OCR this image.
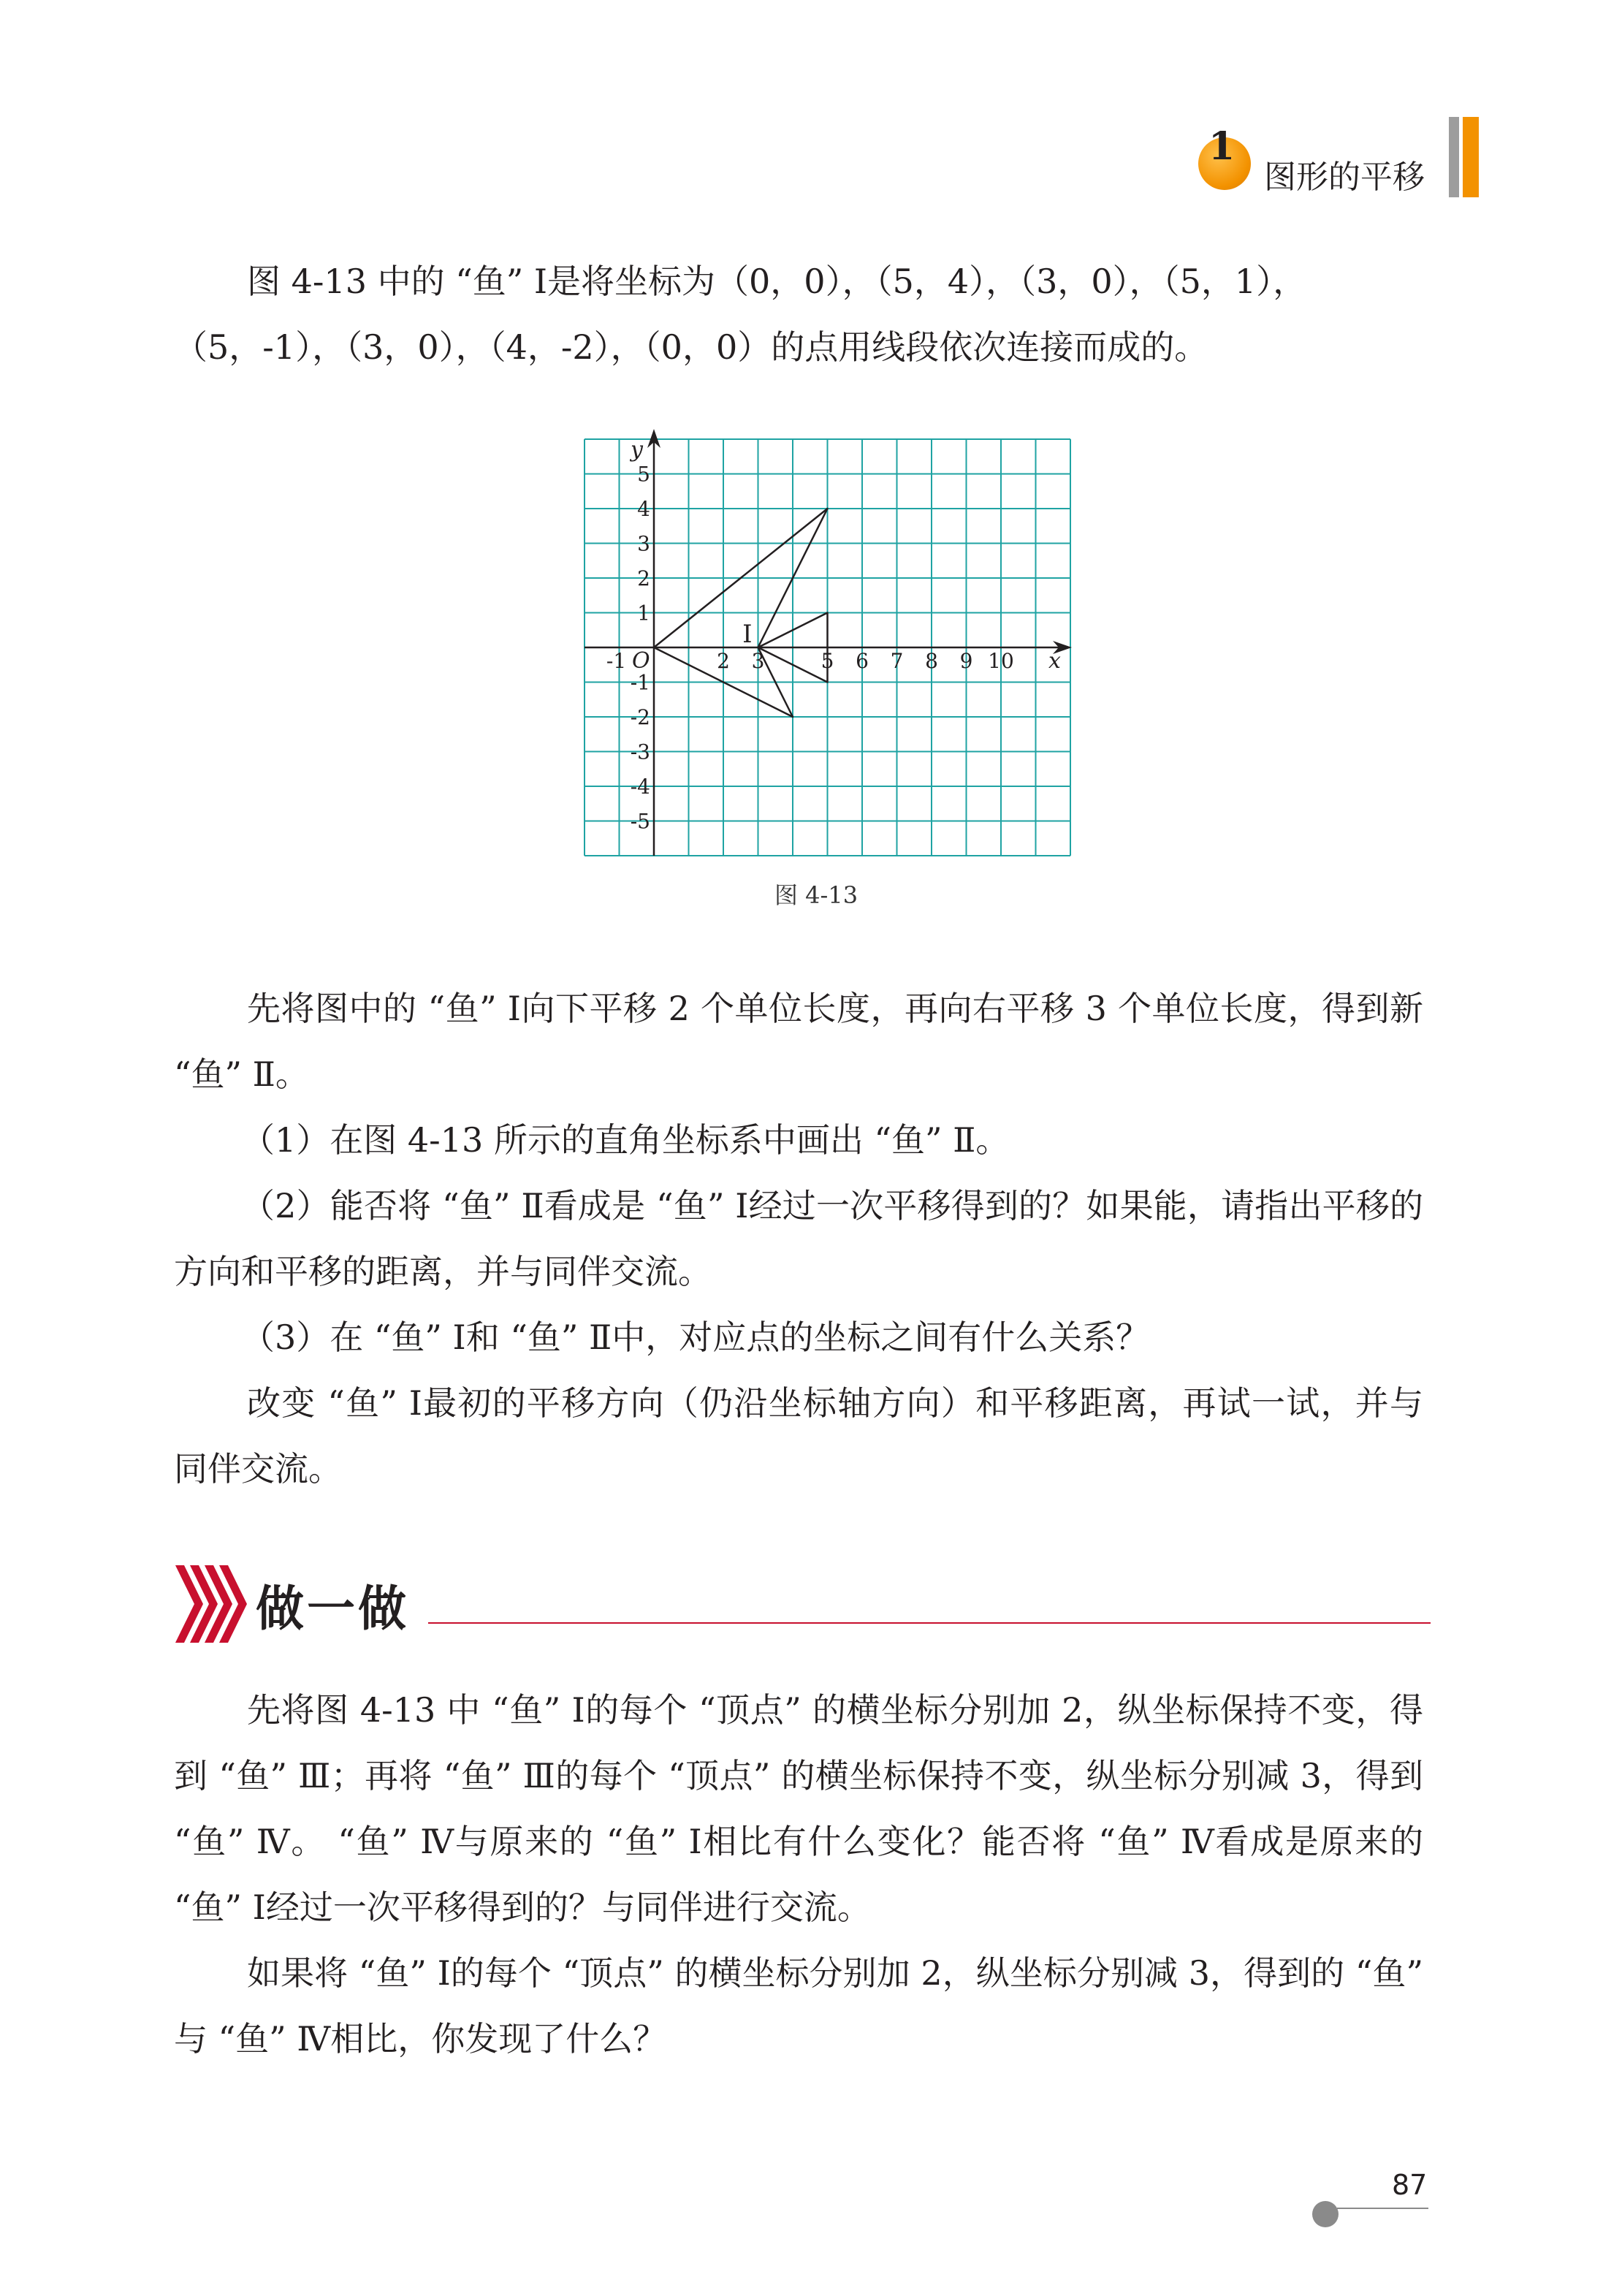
1
图形的平移
图 4-13 中的 “鱼” Ⅰ是将坐标为（0，0），（5，4），（3，0），（5，1），
（5，-1），（3，0），（4，-2），（0，0）的点用线段依次连接而成的。
-1	2 3	5 6 7 8 9 10
5
4
3
2
1
-1
-2
-3
-4
-5
Ⅰ
O	x
y
图 4-13

先将图中的 “鱼” Ⅰ向下平移 2 个单位长度，再向右平移 3 个单位长度，得到新 “鱼” Ⅱ。

（1）在图 4-13 所示的直角坐标系中画出 “鱼” Ⅱ。

（2）能否将 “鱼” Ⅱ看成是 “鱼” Ⅰ经过一次平移得到的？如果能，请指出平移的方向和平移的距离，并与同伴交流。

（3）在 “鱼” Ⅰ和 “鱼” Ⅱ中，对应点的坐标之间有什么关系？

改变 “鱼” Ⅰ最初的平移方向（仍沿坐标轴方向）和平移距离，再试一试，并与同伴交流。

做一做

先将图 4-13 中 “鱼” Ⅰ的每个 “顶点” 的横坐标分别加 2，纵坐标保持不变，得到 “鱼” Ⅲ；再将 “鱼” Ⅲ的每个 “顶点” 的横坐标保持不变，纵坐标分别减 3，得到 “鱼” Ⅳ。 “鱼” Ⅳ与原来的 “鱼” Ⅰ相比有什么变化？能否将 “鱼” Ⅳ看成是原来的 “鱼” Ⅰ经过一次平移得到的？与同伴进行交流。

如果将 “鱼” Ⅰ的每个 “顶点” 的横坐标分别加 2，纵坐标分别减 3，得到的 “鱼” 与 “鱼” Ⅳ相比，你发现了什么？

87
